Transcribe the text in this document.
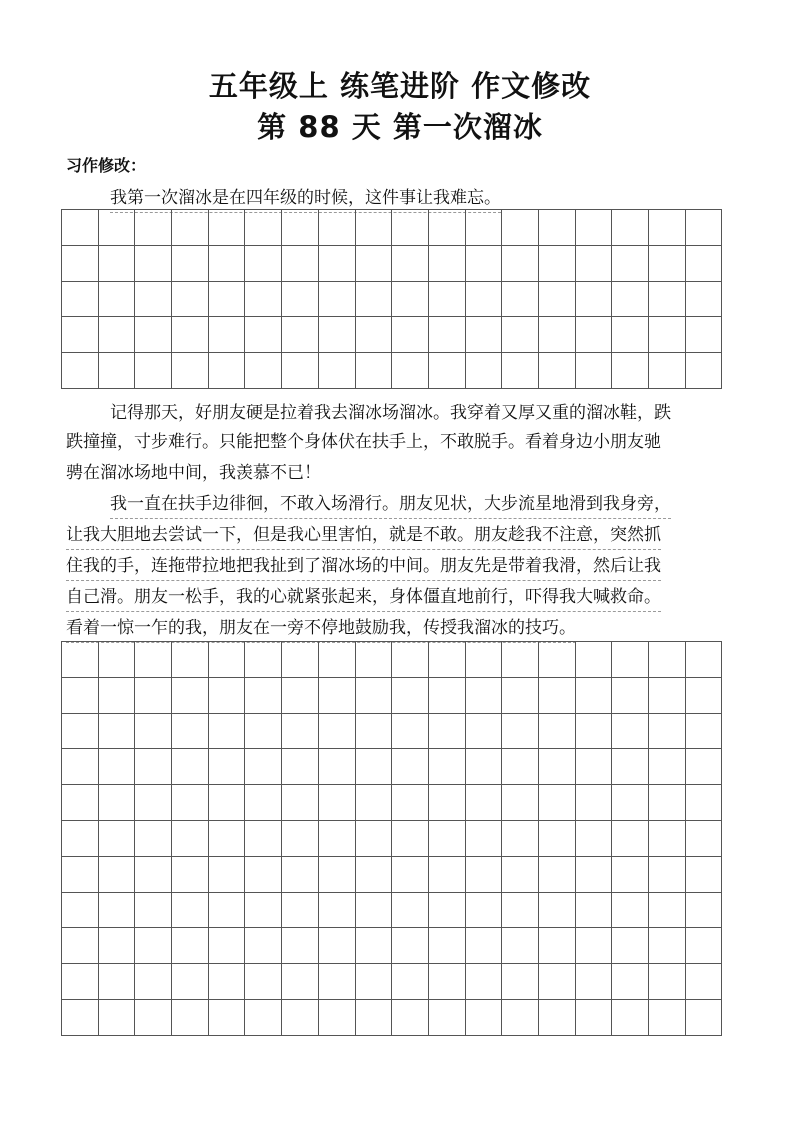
五年级上 练笔进阶 作文修改
第 88 天 第一次溜冰

习作修改：

我第一次溜冰是在四年级的时候，这件事让我难忘。

记得那天，好朋友硬是拉着我去溜冰场溜冰。我穿着又厚又重的溜冰鞋，跌

跌撞撞，寸步难行。只能把整个身体伏在扶手上，不敢脱手。看着身边小朋友驰

骋在溜冰场地中间，我羡慕不已！

我一直在扶手边徘徊，不敢入场滑行。朋友见状，大步流星地滑到我身旁，

让我大胆地去尝试一下，但是我心里害怕，就是不敢。朋友趁我不注意，突然抓

住我的手，连拖带拉地把我扯到了溜冰场的中间。朋友先是带着我滑，然后让我

自己滑。朋友一松手，我的心就紧张起来，身体僵直地前行，吓得我大喊救命。

看着一惊一乍的我，朋友在一旁不停地鼓励我，传授我溜冰的技巧。
